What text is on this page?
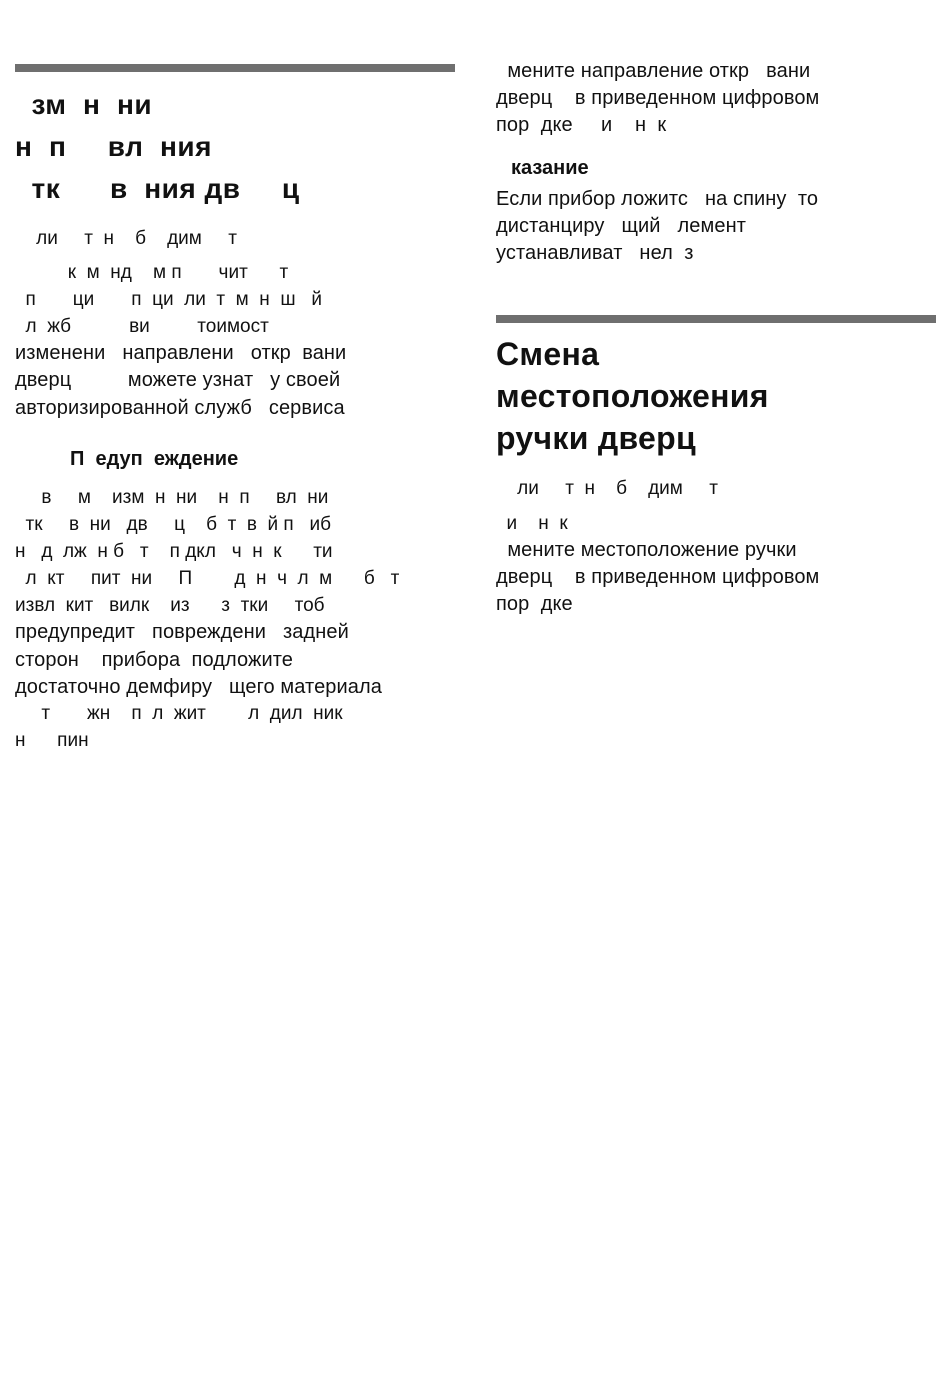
зм  н  ни
н  п     вл  ния
тк      в  ния дв     ц
ли     т  н    б    дим     т
к  м  нд    м п       чит      т
п       ци       п  ци  ли  т  м  н  ш   й
л  жб           ви         тоимост
изменени   направлени   откр  вани
дверц          можете узнат   у своей
авторизированной служб   сервиса
П  едуп  еждение
в     м    изм  н  ни    н  п     вл  ни
тк     в  ни   дв     ц    б  т  в  й п   иб
н   д  лж  н б   т    п дкл   ч  н  к      ти
л  кт     пит  ни     П        д  н  ч  л  м      б   т
извл  кит   вилк    из      з  тки     тоб
предупредит   повреждени   задней
сторон    прибора  подложите
достаточно демфиру   щего материала
т       жн    п  л  жит        л  дил  ник
н      пин
мените направление откр   вани
дверц    в приведенном цифровом
пор  дке     и    н  к
казание
Если прибор ложитс   на спину  то
дистанциру   щий   лемент
устанавливат   нел  з
Смена
местоположения
ручки дверц
ли     т  н    б    дим     т
и    н  к
мените местоположение ручки
дверц    в приведенном цифровом
пор  дке
